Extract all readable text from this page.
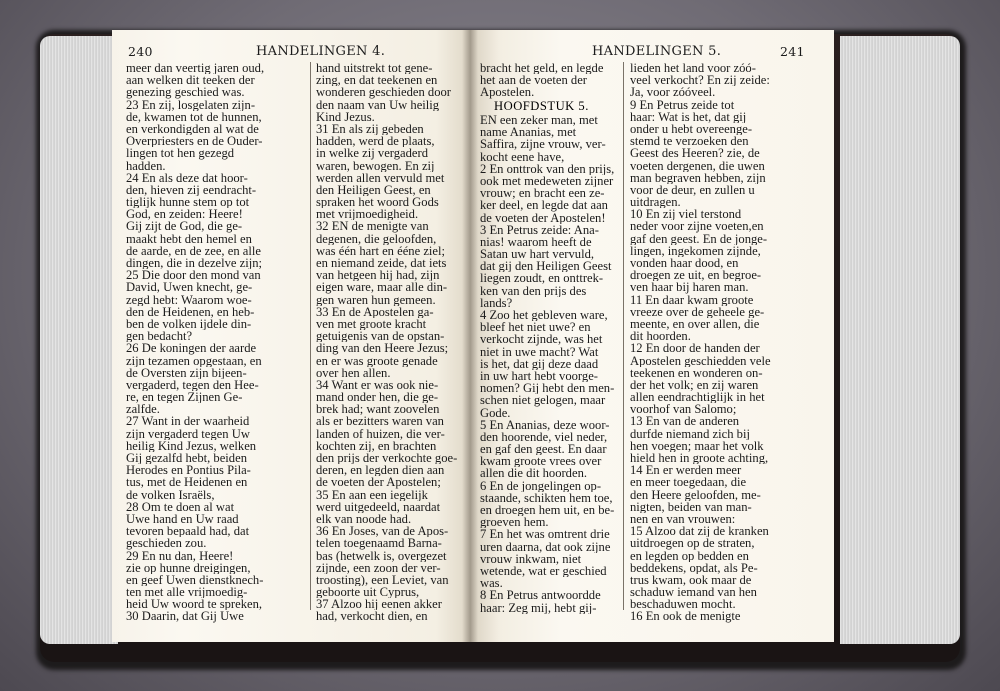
240	HANDELINGEN 4.	HANDELINGEN 5.	241
meer dan veertig jaren oud,
aan welken dit teeken der
genezing geschied was.
23 En zij, losgelaten zijn-
de, kwamen tot de hunnen,
en verkondigden al wat de
Overpriesters en de Ouder-
lingen tot hen gezegd
hadden.
24 En als deze dat hoor-
den, hieven zij eendracht-
tiglijk hunne stem op tot
God, en zeiden: Heere!
Gij zijt de God, die ge-
maakt hebt den hemel en
de aarde, en de zee, en alle
dingen, die in dezelve zijn;
25 Die door den mond van
David, Uwen knecht, ge-
zegd hebt: Waarom woe-
den de Heidenen, en heb-
ben de volken ijdele din-
gen bedacht?
26 De koningen der aarde
zijn tezamen opgestaan, en
de Oversten zijn bijeen-
vergaderd, tegen den Hee-
re, en tegen Zijnen Ge-
zalfde.
27 Want in der waarheid
zijn vergaderd tegen Uw
heilig Kind Jezus, welken
Gij gezalfd hebt, beiden
Herodes en Pontius Pila-
tus, met de Heidenen en
de volken Israëls,
28 Om te doen al wat
Uwe hand en Uw raad
tevoren bepaald had, dat
geschieden zou.
29 En nu dan, Heere!
zie op hunne dreigingen,
en geef Uwen dienstknech-
ten met alle vrijmoedig-
heid Uw woord te spreken,
30 Daarin, dat Gij Uwe
hand uitstrekt tot gene-
zing, en dat teekenen en
wonderen geschieden door
den naam van Uw heilig
Kind Jezus.
31 En als zij gebeden
hadden, werd de plaats,
in welke zij vergaderd
waren, bewogen. En zij
werden allen vervuld met
den Heiligen Geest, en
spraken het woord Gods
met vrijmoedigheid.
32 EN de menigte van
degenen, die geloofden,
was één hart en ééne ziel;
en niemand zeide, dat iets
van hetgeen hij had, zijn
eigen ware, maar alle din-
gen waren hun gemeen.
33 En de Apostelen ga-
ven met groote kracht
getuigenis van de opstan-
ding van den Heere Jezus;
en er was groote genade
over hen allen.
34 Want er was ook nie-
mand onder hen, die ge-
brek had; want zoovelen
als er bezitters waren van
landen of huizen, die ver-
kochten zij, en brachten
den prijs der verkochte goe-
deren, en legden dien aan
de voeten der Apostelen;
35 En aan een iegelijk
werd uitgedeeld, naardat
elk van noode had.
36 En Joses, van de Apos-
telen toegenaamd Barna-
bas (hetwelk is, overgezet
zijnde, een zoon der ver-
troosting), een Leviet, van
geboorte uit Cyprus,
37 Alzoo hij eenen akker
had, verkocht dien, en
bracht het geld, en legde
het aan de voeten der
Apostelen.
HOOFDSTUK 5.
EN een zeker man, met
name Ananias, met
Saffira, zijne vrouw, ver-
kocht eene have,
2 En onttrok van den prijs,
ook met medeweten zijner
vrouw; en bracht een ze-
ker deel, en legde dat aan
de voeten der Apostelen!
3 En Petrus zeide: Ana-
nias! waarom heeft de
Satan uw hart vervuld,
dat gij den Heiligen Geest
liegen zoudt, en onttrek-
ken van den prijs des
lands?
4 Zoo het gebleven ware,
bleef het niet uwe? en
verkocht zijnde, was het
niet in uwe macht? Wat
is het, dat gij deze daad
in uw hart hebt voorge-
nomen? Gij hebt den men-
schen niet gelogen, maar
Gode.
5 En Ananias, deze woor-
den hoorende, viel neder,
en gaf den geest. En daar
kwam groote vrees over
allen die dit hoorden.
6 En de jongelingen op-
staande, schikten hem toe,
en droegen hem uit, en be-
groeven hem.
7 En het was omtrent drie
uren daarna, dat ook zijne
vrouw inkwam, niet
wetende, wat er geschied
was.
8 En Petrus antwoordde
haar: Zeg mij, hebt gij-
lieden het land voor zóó-
veel verkocht? En zij zeide:
Ja, voor zóóveel.
9 En Petrus zeide tot
haar: Wat is het, dat gij
onder u hebt overeenge-
stemd te verzoeken den
Geest des Heeren? zie, de
voeten dergenen, die uwen
man begraven hebben, zijn
voor de deur, en zullen u
uitdragen.
10 En zij viel terstond
neder voor zijne voeten,en
gaf den geest. En de jonge-
lingen, ingekomen zijnde,
vonden haar dood, en
droegen ze uit, en begroe-
ven haar bij haren man.
11 En daar kwam groote
vreeze over de geheele ge-
meente, en over allen, die
dit hoorden.
12 En door de handen der
Apostelen geschiedden vele
teekenen en wonderen on-
der het volk; en zij waren
allen eendrachtiglijk in het
voorhof van Salomo;
13 En van de anderen
durfde niemand zich bij
hen voegen; maar het volk
hield hen in groote achting,
14 En er werden meer
en meer toegedaan, die
den Heere geloofden, me-
nigten, beiden van man-
nen en van vrouwen:
15 Alzoo dat zij de kranken
uitdroegen op de straten,
en legden op bedden en
beddekens, opdat, als Pe-
trus kwam, ook maar de
schaduw iemand van hen
beschaduwen mocht.
16 En ook de menigte
